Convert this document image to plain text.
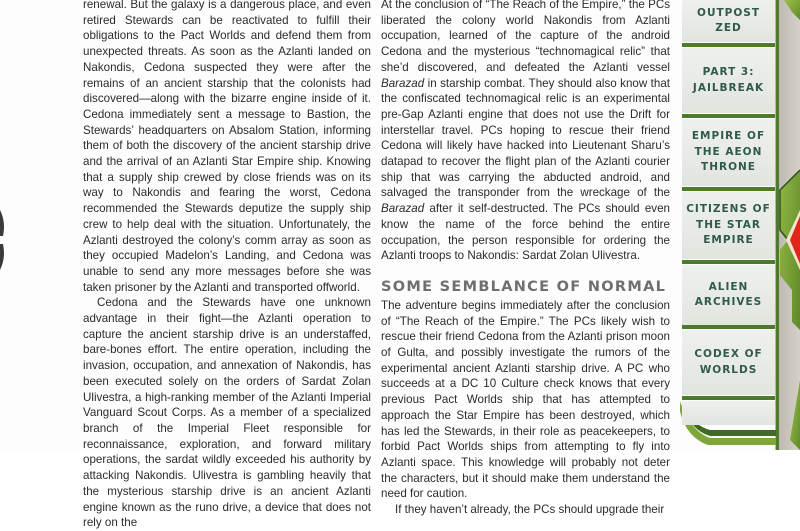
renewal. But the galaxy is a dangerous place, and even retired Stewards can be reactivated to fulfill their obligations to the Pact Worlds and defend them from unexpected threats. As soon as the Azlanti landed on Nakondis, Cedona suspected they were after the remains of an ancient starship that the colonists had discovered—along with the bizarre engine inside of it. Cedona immediately sent a message to Bastion, the Stewards’ headquarters on Absalom Station, informing them of both the discovery of the ancient starship drive and the arrival of an Azlanti Star Empire ship. Knowing that a supply ship crewed by close friends was on its way to Nakondis and fearing the worst, Cedona recommended the Stewards deputize the supply ship crew to help deal with the situation. Unfortunately, the Azlanti destroyed the colony’s comm array as soon as they occupied Madelon’s Landing, and Cedona was unable to send any more messages before she was taken prisoner by the Azlanti and transported offworld.

Cedona and the Stewards have one unknown advantage in their fight—the Azlanti operation to capture the ancient starship drive is an understaffed, bare-bones effort. The entire operation, including the invasion, occupation, and annexation of Nakondis, has been executed solely on the orders of Sardat Zolan Ulivestra, a high-ranking member of the Azlanti Imperial Vanguard Scout Corps. As a member of a specialized branch of the Imperial Fleet responsible for reconnaissance, exploration, and forward military operations, the sardat wildly exceeded his authority by attacking Nakondis. Ulivestra is gambling heavily that the mysterious starship drive is an ancient Azlanti engine known as the runo drive, a device that does not rely on the

At the conclusion of “The Reach of the Empire,” the PCs liberated the colony world Nakondis from Azlanti occupation, learned of the capture of the android Cedona and the mysterious “technomagical relic” that she’d discovered, and defeated the Azlanti vessel Barazad in starship combat. They should also know that the confiscated technomagical relic is an experimental pre-Gap Azlanti engine that does not use the Drift for interstellar travel. PCs hoping to rescue their friend Cedona will likely have hacked into Lieutenant Sharu’s datapad to recover the flight plan of the Azlanti courier ship that was carrying the abducted android, and salvaged the transponder from the wreckage of the Barazad after it self-destructed. The PCs should even know the name of the force behind the entire occupation, the person responsible for ordering the Azlanti troops to Nakondis: Sardat Zolan Ulivestra.

SOME SEMBLANCE OF NORMAL

The adventure begins immediately after the conclusion of “The Reach of the Empire.” The PCs likely wish to rescue their friend Cedona from the Azlanti prison moon of Gulta, and possibly investigate the rumors of the experimental ancient Azlanti starship drive. A PC who succeeds at a DC 10 Culture check knows that every previous Pact Worlds ship that has attempted to approach the Star Empire has been destroyed, which has led the Stewards, in their role as peacekeepers, to forbid Pact Worlds ships from attempting to fly into Azlanti space. This knowledge will probably not deter the characters, but it should make them understand the need for caution.

If they haven’t already, the PCs should upgrade their

OUTPOST
ZED
PART 3:
JAILBREAK
EMPIRE OF
THE AEON
THRONE
CITIZENS OF
THE STAR
EMPIRE
ALIEN
ARCHIVES
CODEX OF
WORLDS
